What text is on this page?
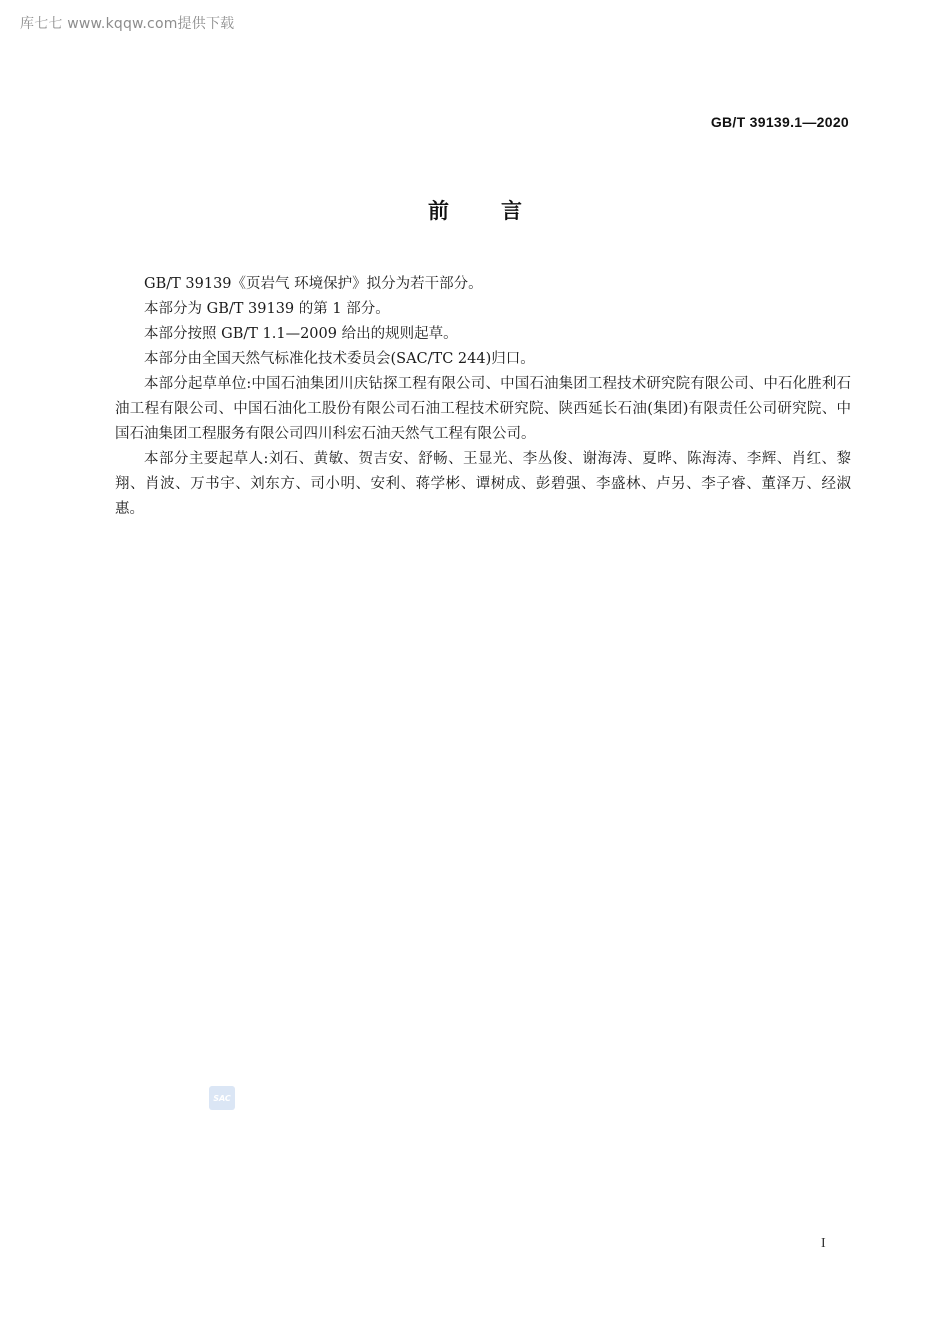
库七七 www.kqqw.com提供下载
GB/T 39139.1—2020
前 言

GB/T 39139《页岩气 环境保护》拟分为若干部分。

本部分为 GB/T 39139 的第 1 部分。

本部分按照 GB/T 1.1—2009 给出的规则起草。

本部分由全国天然气标准化技术委员会(SAC/TC 244)归口。

本部分起草单位:中国石油集团川庆钻探工程有限公司、中国石油集团工程技术研究院有限公司、中石化胜利石油工程有限公司、中国石油化工股份有限公司石油工程技术研究院、陕西延长石油(集团)有限责任公司研究院、中国石油集团工程服务有限公司四川科宏石油天然气工程有限公司。

本部分主要起草人:刘石、黄敏、贺吉安、舒畅、王显光、李丛俊、谢海涛、夏晔、陈海涛、李辉、肖红、黎翔、肖波、万书宇、刘东方、司小明、安利、蒋学彬、谭树成、彭碧强、李盛林、卢另、李子睿、董泽万、经淑惠。

SAC
I
